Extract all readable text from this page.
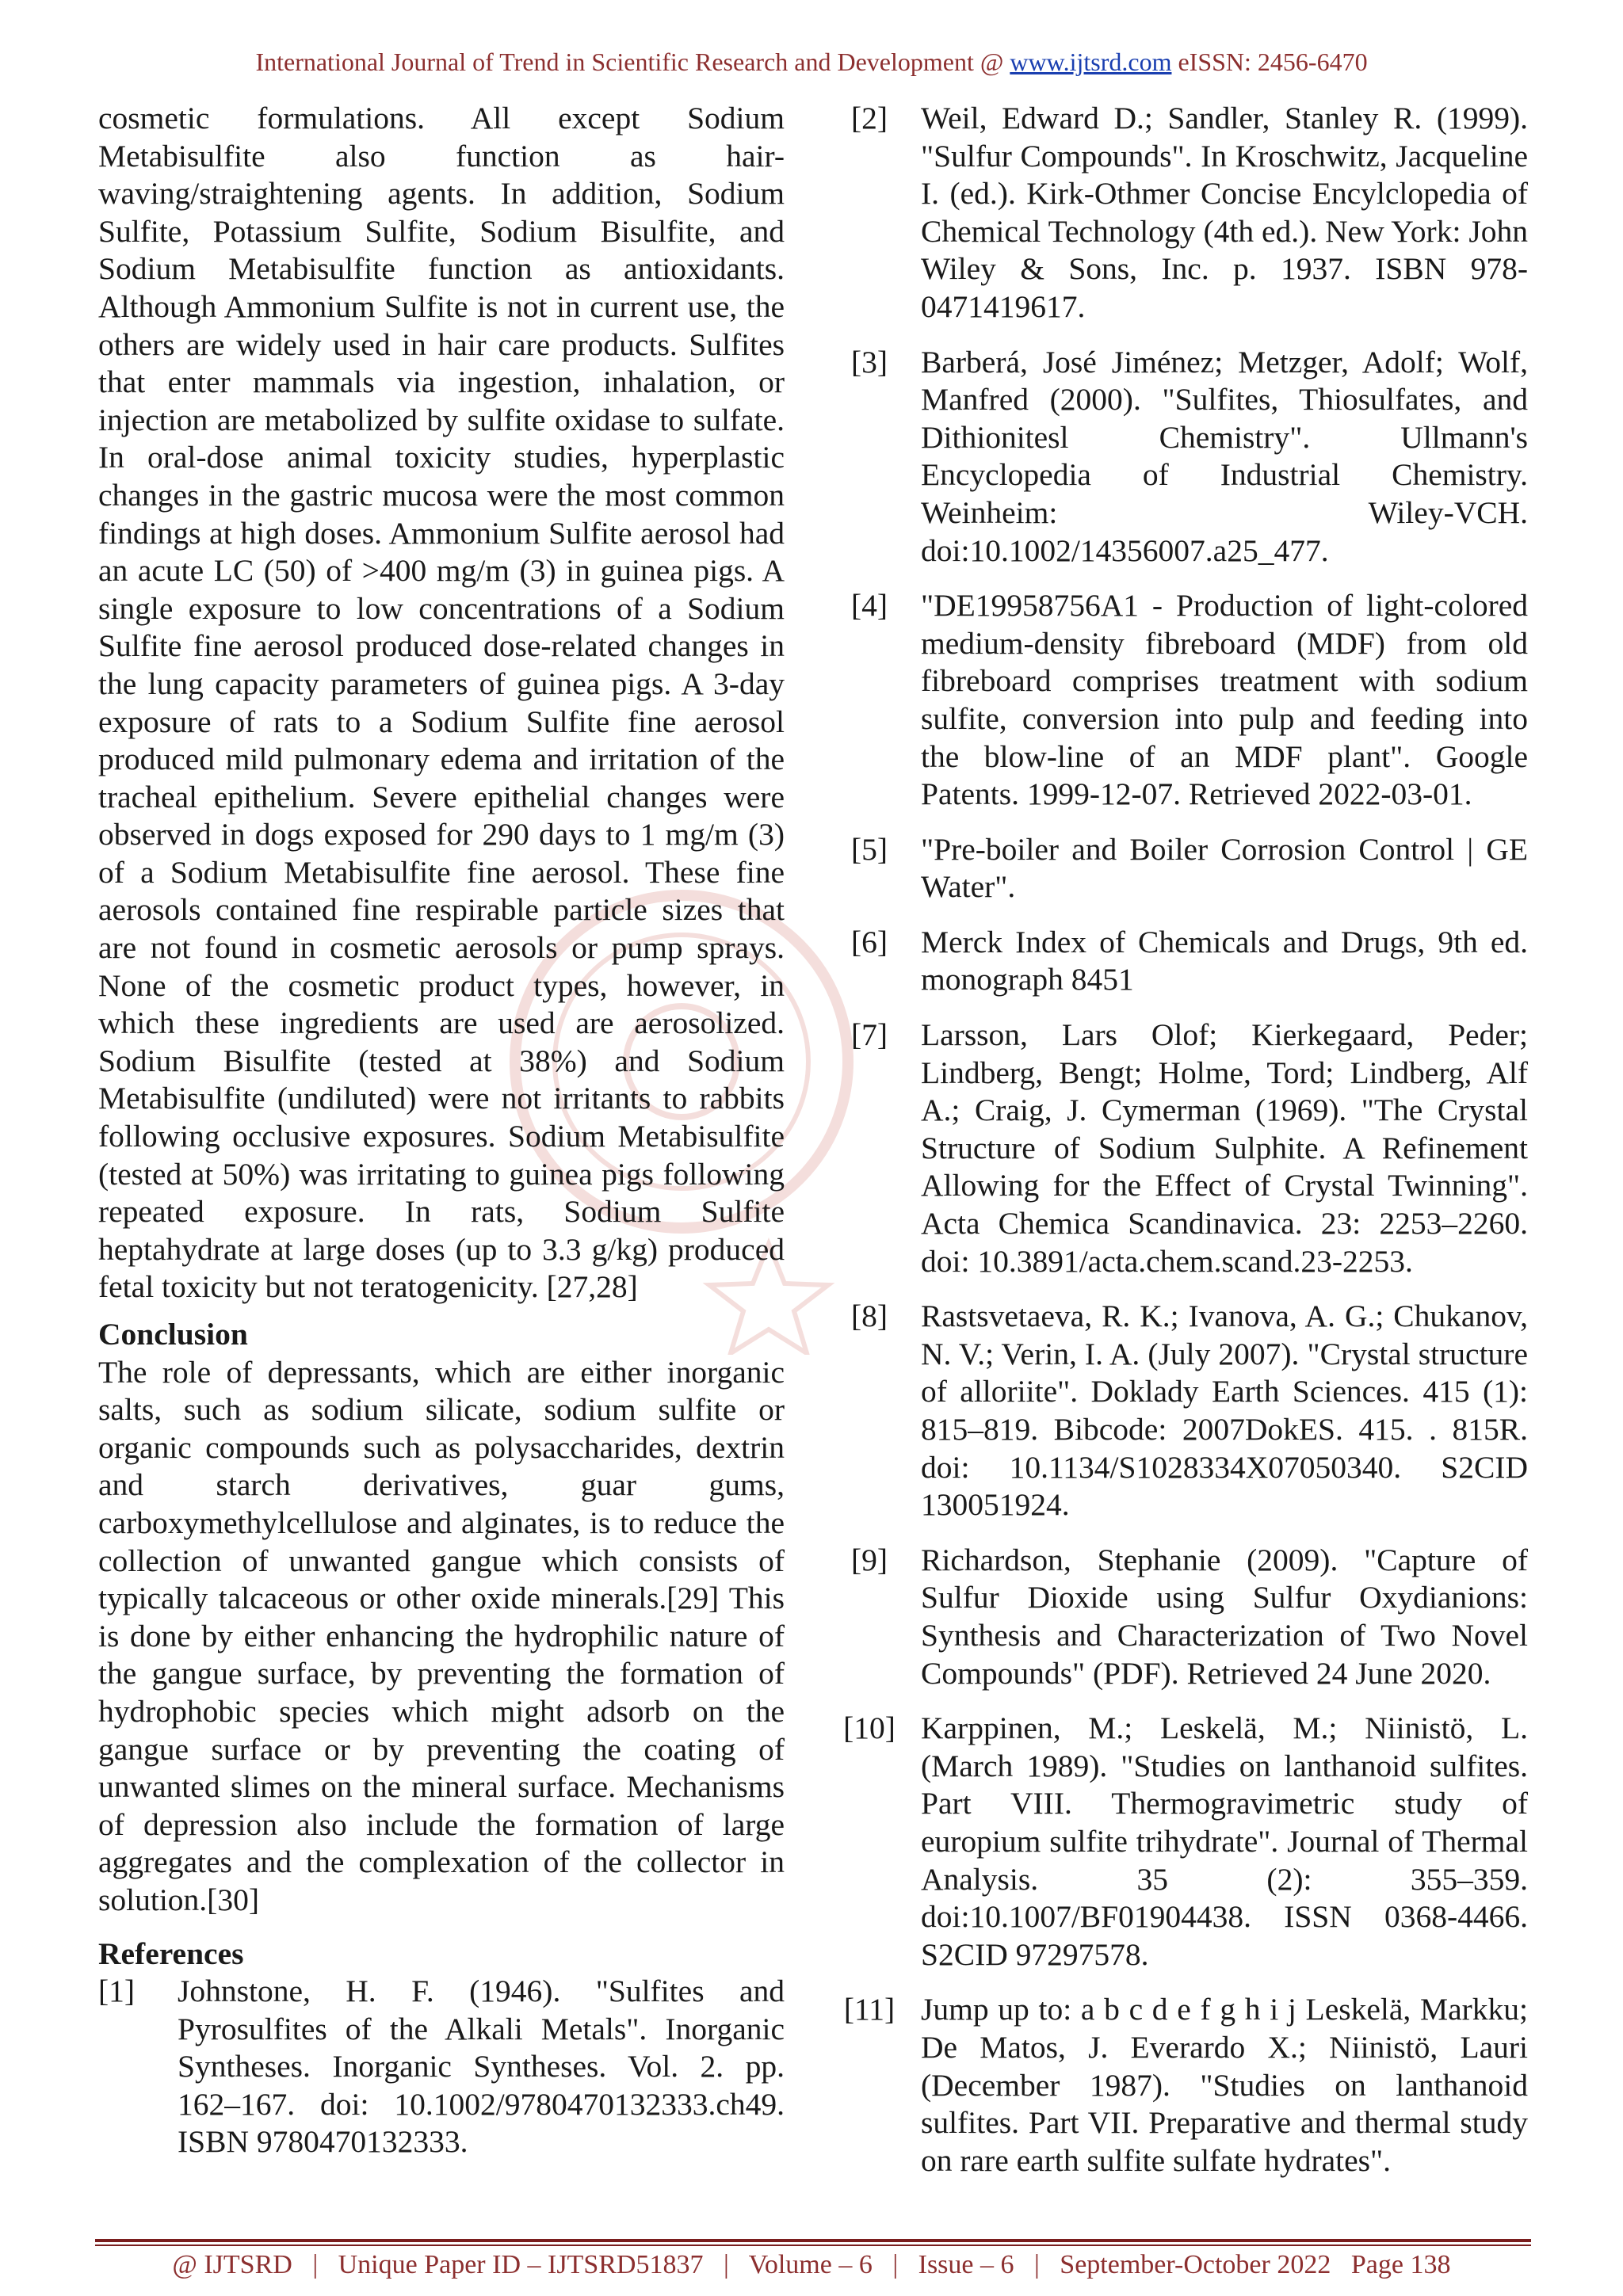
International Journal of Trend in Scientific Research and Development @ www.ijtsrd.com eISSN: 2456-6470

cosmetic formulations. All except Sodium Metabisulfite also function as hair-waving/straightening agents. In addition, Sodium Sulfite, Potassium Sulfite, Sodium Bisulfite, and Sodium Metabisulfite function as antioxidants. Although Ammonium Sulfite is not in current use, the others are widely used in hair care products. Sulfites that enter mammals via ingestion, inhalation, or injection are metabolized by sulfite oxidase to sulfate. In oral-dose animal toxicity studies, hyperplastic changes in the gastric mucosa were the most common findings at high doses. Ammonium Sulfite aerosol had an acute LC (50) of >400 mg/m (3) in guinea pigs. A single exposure to low concentrations of a Sodium Sulfite fine aerosol produced dose-related changes in the lung capacity parameters of guinea pigs. A 3-day exposure of rats to a Sodium Sulfite fine aerosol produced mild pulmonary edema and irritation of the tracheal epithelium. Severe epithelial changes were observed in dogs exposed for 290 days to 1 mg/m (3) of a Sodium Metabisulfite fine aerosol. These fine aerosols contained fine respirable particle sizes that are not found in cosmetic aerosols or pump sprays. None of the cosmetic product types, however, in which these ingredients are used are aerosolized. Sodium Bisulfite (tested at 38%) and Sodium Metabisulfite (undiluted) were not irritants to rabbits following occlusive exposures. Sodium Metabisulfite (tested at 50%) was irritating to guinea pigs following repeated exposure. In rats, Sodium Sulfite heptahydrate at large doses (up to 3.3 g/kg) produced fetal toxicity but not teratogenicity. [27,28]

Conclusion

The role of depressants, which are either inorganic salts, such as sodium silicate, sodium sulfite or organic compounds such as polysaccharides, dextrin and starch derivatives, guar gums, carboxymethylcellulose and alginates, is to reduce the collection of unwanted gangue which consists of typically talcaceous or other oxide minerals.[29] This is done by either enhancing the hydrophilic nature of the gangue surface, by preventing the formation of hydrophobic species which might adsorb on the gangue surface or by preventing the coating of unwanted slimes on the mineral surface. Mechanisms of depression also include the formation of large aggregates and the complexation of the collector in solution.[30]

References

[1] Johnstone, H. F. (1946). "Sulfites and Pyrosulfites of the Alkali Metals". Inorganic Syntheses. Inorganic Syntheses. Vol. 2. pp. 162–167. doi: 10.1002/9780470132333.ch49. ISBN 9780470132333.
[2]	Weil, Edward D.; Sandler, Stanley R. (1999). "Sulfur Compounds". In Kroschwitz, Jacqueline I. (ed.). Kirk-Othmer Concise Encylclopedia of Chemical Technology (4th ed.). New York: John Wiley & Sons, Inc. p. 1937. ISBN 978-0471419617.
[3]	Barberá, José Jiménez; Metzger, Adolf; Wolf, Manfred (2000). "Sulfites, Thiosulfates, and Dithionitesl Chemistry". Ullmann's Encyclopedia of Industrial Chemistry. Weinheim: Wiley-VCH. doi:10.1002/14356007.a25_477.
[4]	"DE19958756A1 - Production of light-colored medium-density fibreboard (MDF) from old fibreboard comprises treatment with sodium sulfite, conversion into pulp and feeding into the blow-line of an MDF plant". Google Patents. 1999-12-07. Retrieved 2022-03-01.
[5]	"Pre-boiler and Boiler Corrosion Control | GE Water".
[6]	Merck Index of Chemicals and Drugs, 9th ed. monograph 8451
[7]	Larsson, Lars Olof; Kierkegaard, Peder; Lindberg, Bengt; Holme, Tord; Lindberg, Alf A.; Craig, J. Cymerman (1969). "The Crystal Structure of Sodium Sulphite. A Refinement Allowing for the Effect of Crystal Twinning". Acta Chemica Scandinavica. 23: 2253–2260. doi: 10.3891/acta.chem.scand.23-2253.
[8]	Rastsvetaeva, R. K.; Ivanova, A. G.; Chukanov, N. V.; Verin, I. A. (July 2007). "Crystal structure of alloriite". Doklady Earth Sciences. 415 (1): 815–819. Bibcode: 2007DokES. 415. . 815R. doi: 10.1134/S1028334X07050340. S2CID 130051924.
[9]	Richardson, Stephanie (2009). "Capture of Sulfur Dioxide using Sulfur Oxydianions: Synthesis and Characterization of Two Novel Compounds" (PDF). Retrieved 24 June 2020.
[10] Karppinen, M.; Leskelä, M.; Niinistö, L. (March 1989). "Studies on lanthanoid sulfites. Part VIII. Thermogravimetric study of europium sulfite trihydrate". Journal of Thermal Analysis. 35 (2): 355–359. doi:10.1007/BF01904438. ISSN 0368-4466. S2CID 97297578.
[11] Jump up to: a b c d e f g h i j Leskelä, Markku; De Matos, J. Everardo X.; Niinistö, Lauri (December 1987). "Studies on lanthanoid sulfites. Part VII. Preparative and thermal study on rare earth sulfite sulfate hydrates".
@ IJTSRD   |   Unique Paper ID – IJTSRD51837   |   Volume – 6   |   Issue – 6   |   September-October 2022   Page 138
